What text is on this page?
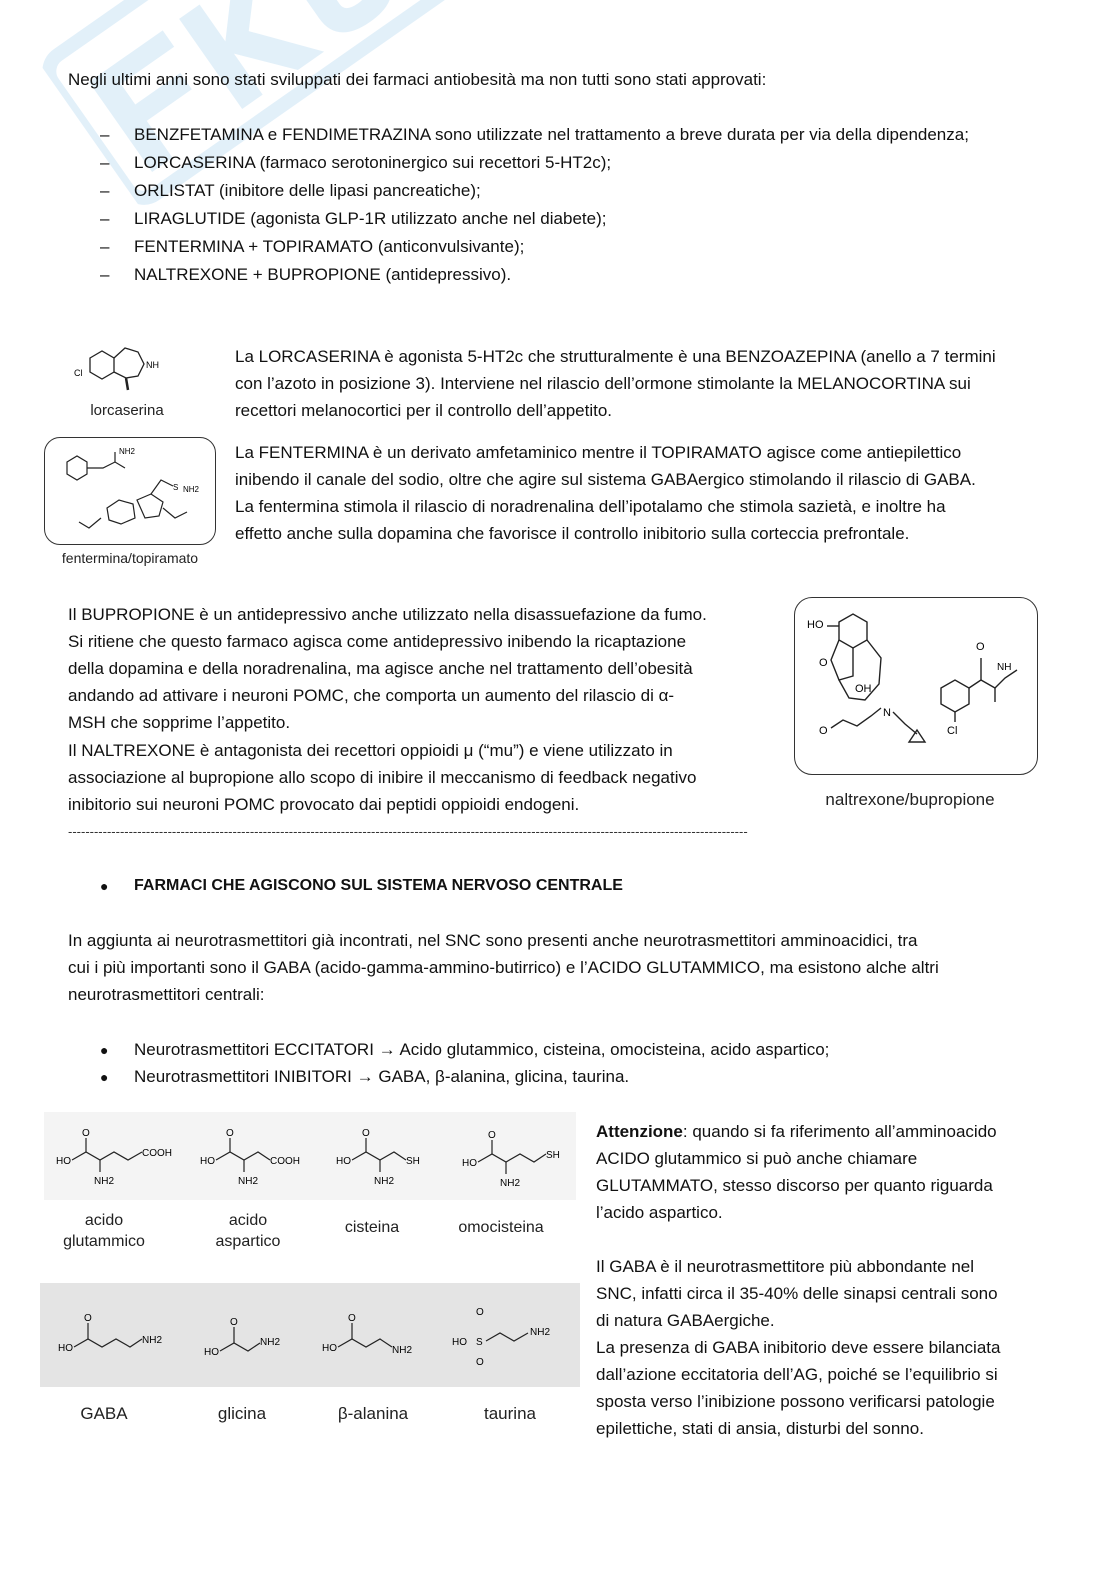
Negli ultimi anni sono stati sviluppati dei farmaci antiobesità ma non tutti sono stati approvati:
– BENZFETAMINA e FENDIMETRAZINA sono utilizzate nel trattamento a breve durata per via della dipendenza;
– LORCASERINA (farmaco serotoninergico sui recettori 5-HT2c);
– ORLISTAT (inibitore delle lipasi pancreatiche);
– LIRAGLUTIDE (agonista GLP-1R utilizzato anche nel diabete);
– FENTERMINA + TOPIRAMATO (anticonvulsivante);
– NALTREXONE + BUPROPIONE (antidepressivo).
Cl
NH
lorcaserina
La LORCASERINA è agonista 5-HT2c che strutturalmente è una BENZOAZEPINA (anello a 7 termini
con l’azoto in posizione 3). Interviene nel rilascio dell’ormone stimolante la MELANOCORTINA sui
recettori melanocortici per il controllo dell’appetito.
NH2
S NH2
fentermina/topiramato
La FENTERMINA è un derivato amfetaminico mentre il TOPIRAMATO agisce come antiepilettico
inibendo il canale del sodio, oltre che agire sul sistema GABAergico stimolando il rilascio di GABA.
La fentermina stimola il rilascio di noradrenalina dell’ipotalamo che stimola sazietà, e inoltre ha
effetto anche sulla dopamina che favorisce il controllo inibitorio sulla corteccia prefrontale.
Il BUPROPIONE è un antidepressivo anche utilizzato nella disassuefazione da fumo.
Si ritiene che questo farmaco agisca come antidepressivo inibendo la ricaptazione
della dopamina e della noradrenalina, ma agisce anche nel trattamento dell’obesità
andando ad attivare i neuroni POMC, che comporta un aumento del rilascio di α-
MSH che sopprime l’appetito.
Il NALTREXONE è antagonista dei recettori oppioidi μ (“mu”) e viene utilizzato in
associazione al bupropione allo scopo di inibire il meccanismo di feedback negativo
inibitorio sui neuroni POMC provocato dai peptidi oppioidi endogeni.
HO
OH
O
O
N
O
NH
Cl
naltrexone/bupropione
-------------------------------------------------------------------------------------------------------------------------------------------------------------
● FARMACI CHE AGISCONO SUL SISTEMA NERVOSO CENTRALE
In aggiunta ai neurotrasmettitori già incontrati, nel SNC sono presenti anche neurotrasmettitori amminoacidici, tra
cui i più importanti sono il GABA (acido-gamma-ammino-butirrico) e l’ACIDO GLUTAMMICO, ma esistono alche altri
neurotrasmettitori centrali:
● Neurotrasmettitori ECCITATORI → Acido glutammico, cisteina, omocisteina, acido aspartico;
● Neurotrasmettitori INIBITORI → GABA, β-alanina, glicina, taurina.
HO
O
NH2
COOH
HO
O
NH2
COOH	HO
O
NH2
SH	HO
O
NH2
SH
acido
glutammico
acido
aspartico
cisteina	omocisteina
HO
O
NH2
HO
O
NH2
HO
O
NH2
HO S
O
O
NH2
GABA	glicina	β-alanina	taurina
Attenzione: quando si fa riferimento all’amminoacido
ACIDO glutammico si può anche chiamare
GLUTAMMATO, stesso discorso per quanto riguarda
l’acido aspartico.
Il GABA è il neurotrasmettitore più abbondante nel
SNC, infatti circa il 35-40% delle sinapsi centrali sono
di natura GABAergiche.
La presenza di GABA inibitorio deve essere bilanciata
dall’azione eccitatoria dell’AG, poiché se l’equilibrio si
sposta verso l’inibizione possono verificarsi patologie
epilettiche, stati di ansia, disturbi del sonno.
